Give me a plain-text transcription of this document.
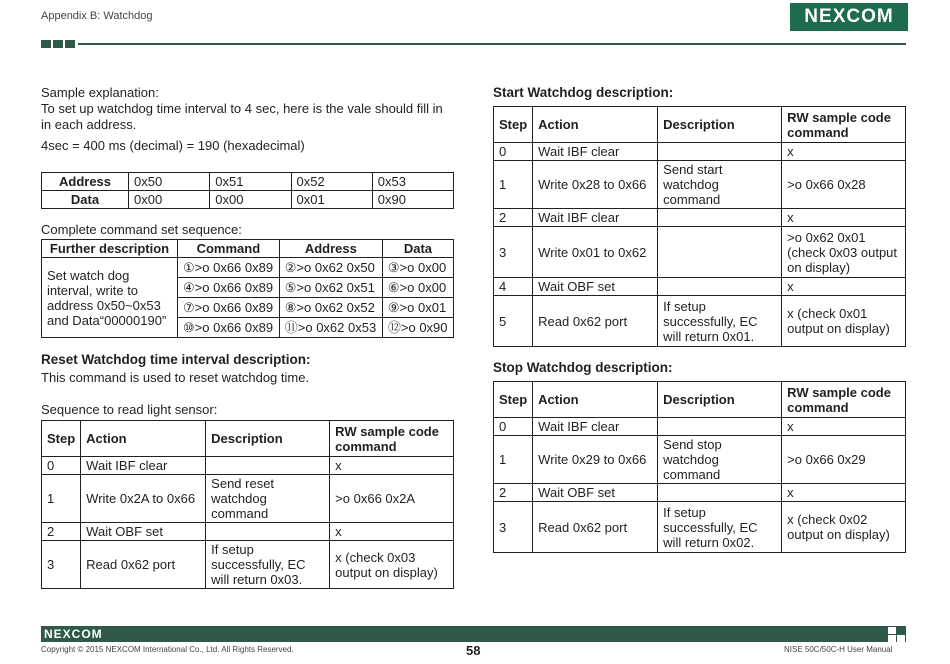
Appendix B: Watchdog	NEXCOM

Sample explanation:

To set up watchdog time interval to 4 sec, here is the vale should fill in in each address.

4sec = 400 ms (decimal) = 190 (hexadecimal)

Address	0x50	0x51	0x52	0x53
Data	0x00	0x00	0x01	0x90

Complete command set sequence:

Further description	Command	Address	Data
Set watch dog interval, write to address 0x50~0x53 and Data“00000190”	①>o 0x66 0x89	②>o 0x62 0x50	③>o 0x00
	④>o 0x66 0x89	⑤>o 0x62 0x51	⑥>o 0x00
	⑦>o 0x66 0x89	⑧>o 0x62 0x52	⑨>o 0x01
	⑩>o 0x66 0x89	⑪>o 0x62 0x53	⑫>o 0x90

Reset Watchdog time interval description:

This command is used to reset watchdog time.

Sequence to read light sensor:

Step	Action	Description	RW sample code command
0	Wait IBF clear		x
1	Write 0x2A to 0x66	Send reset watchdog command	>o 0x66 0x2A
2	Wait OBF set		x
3	Read 0x62 port	If setup successfully, EC will return 0x03.	x (check 0x03 output on display)

Start Watchdog description:

Step	Action	Description	RW sample code command
0	Wait IBF clear		x
1	Write 0x28 to 0x66	Send start watchdog command	>o 0x66 0x28
2	Wait IBF clear		x
3	Write 0x01 to 0x62		>o 0x62 0x01 (check 0x03 output on display)
4	Wait OBF set		x
5	Read 0x62 port	If setup successfully, EC will return 0x01.	x (check 0x01 output on display)

Stop Watchdog description:

Step	Action	Description	RW sample code command
0	Wait IBF clear		x
1	Write 0x29 to 0x66	Send stop watchdog command	>o 0x66 0x29
2	Wait OBF set		x
3	Read 0x62 port	If setup successfully, EC will return 0x02.	x (check 0x02 output on display)
NEXCOM
Copyright © 2015 NEXCOM International Co., Ltd. All Rights Reserved.	58	NISE 50C/50C-H User Manual
